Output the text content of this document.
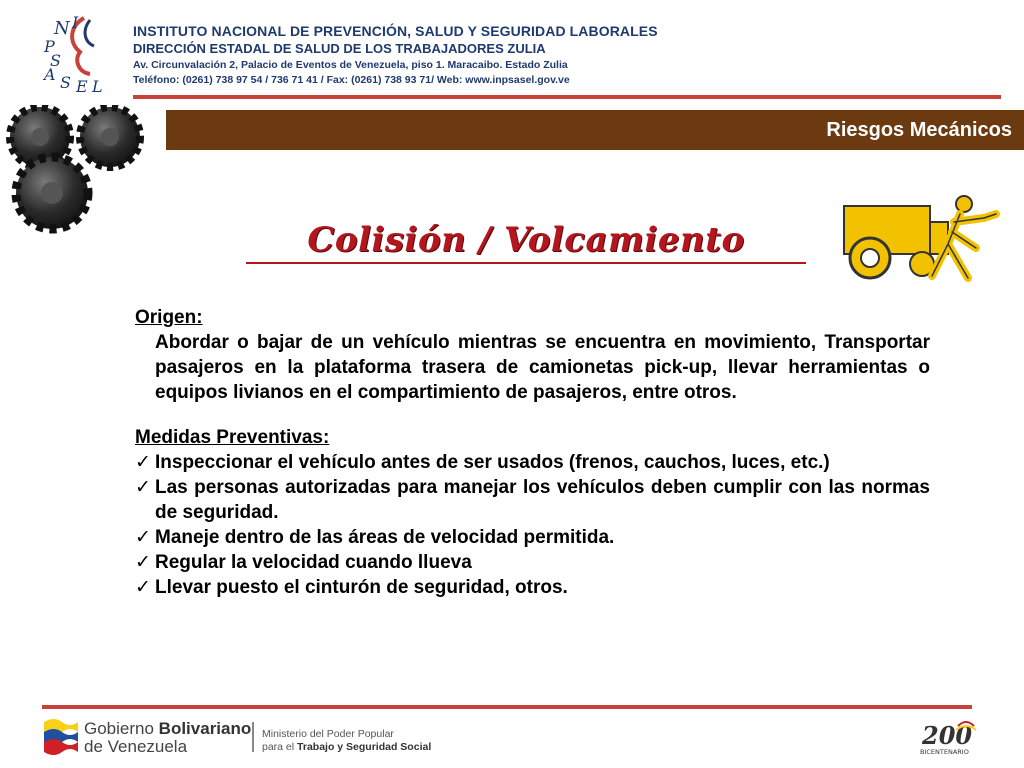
N I
P
S
A S E L
INSTITUTO NACIONAL DE PREVENCIÓN, SALUD Y SEGURIDAD LABORALES
DIRECCIÓN ESTADAL DE SALUD DE LOS TRABAJADORES ZULIA
Av. Circunvalación 2, Palacio de Eventos de Venezuela, piso 1. Maracaibo. Estado Zulia
Teléfono: (0261) 738 97 54 / 736 71 41 / Fax: (0261) 738 93 71/ Web: www.inpsasel.gov.ve
Riesgos Mecánicos
Colisión / Volcamiento
Origen:
Abordar o bajar de un vehículo mientras se encuentra en movimiento, Transportar pasajeros en la plataforma trasera de camionetas pick-up, llevar herramientas o equipos livianos en el compartimiento de pasajeros, entre otros.
Medidas Preventivas:
✓ Inspeccionar el vehículo antes de ser usados (frenos, cauchos, luces, etc.)
✓ Las personas autorizadas para manejar los vehículos deben cumplir con las normas de seguridad.
✓ Maneje dentro de las áreas de velocidad permitida.
✓ Regular la velocidad cuando llueva
✓ Llevar puesto el cinturón de seguridad, otros.
Gobierno Bolivariano
de Venezuela
Ministerio del Poder Popular
para el Trabajo y Seguridad Social	200
BICENTENARIO
